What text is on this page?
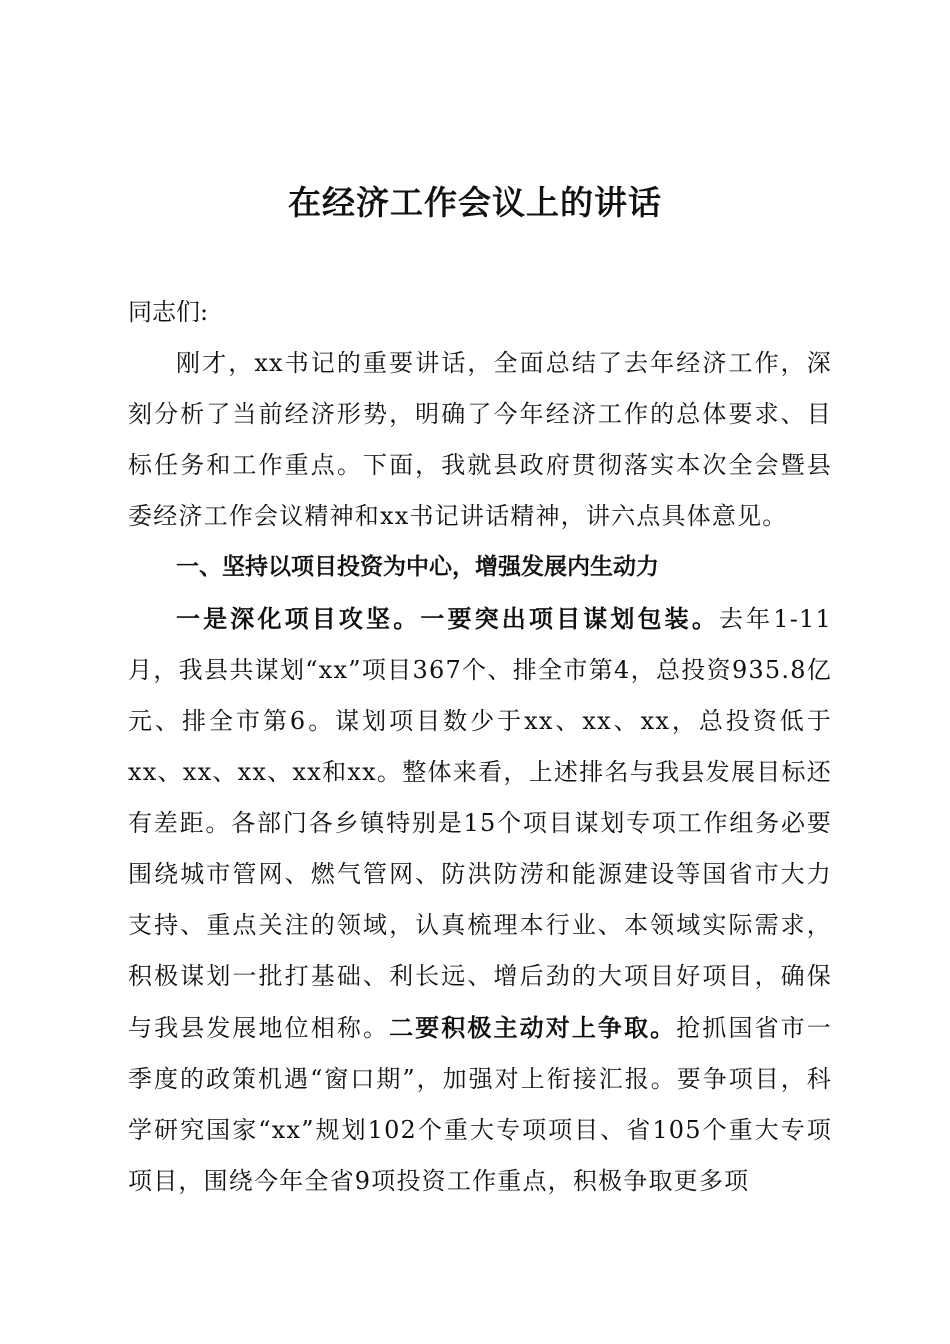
在经济工作会议上的讲话

同志们:

刚才，xx书记的重要讲话，全面总结了去年经济工作，深刻分析了当前经济形势，明确了今年经济工作的总体要求、目标任务和工作重点。下面，我就县政府贯彻落实本次全会暨县委经济工作会议精神和xx书记讲话精神，讲六点具体意见。

一、坚持以项目投资为中心，增强发展内生动力

一是深化项目攻坚。一要突出项目谋划包装。去年1-11月，我县共谋划“xx”项目367个、排全市第4，总投资935.8亿元、排全市第6。谋划项目数少于xx、xx、xx，总投资低于xx、xx、xx、xx和xx。整体来看，上述排名与我县发展目标还有差距。各部门各乡镇特别是15个项目谋划专项工作组务必要围绕城市管网、燃气管网、防洪防涝和能源建设等国省市大力支持、重点关注的领域，认真梳理本行业、本领域实际需求，积极谋划一批打基础、利长远、增后劲的大项目好项目，确保与我县发展地位相称。二要积极主动对上争取。抢抓国省市一季度的政策机遇“窗口期”，加强对上衔接汇报。要争项目，科学研究国家“xx”规划102个重大专项项目、省105个重大专项项目，围绕今年全省9项投资工作重点，积极争取更多项
